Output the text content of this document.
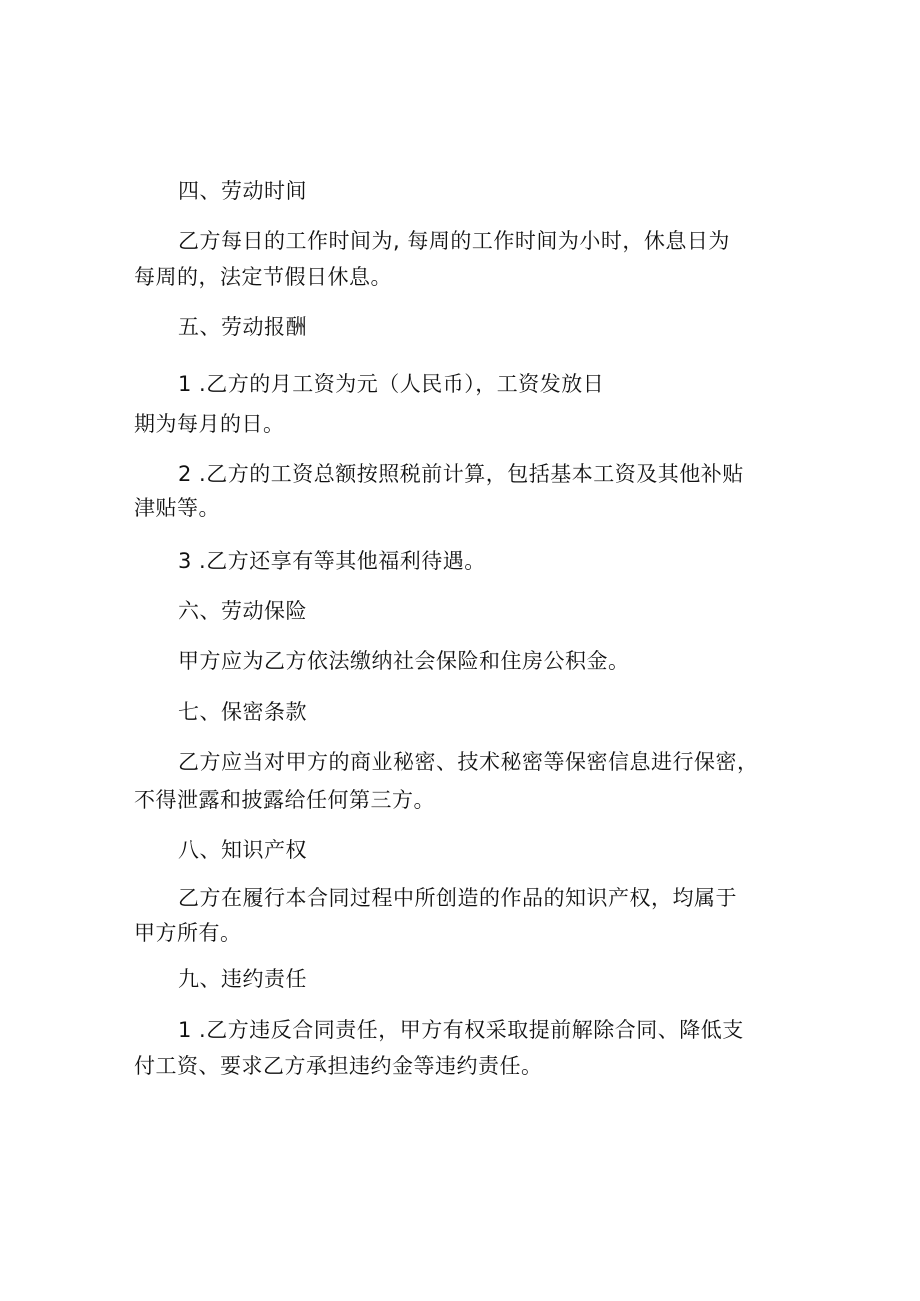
四、劳动时间

乙方每日的工作时间为, 每周的工作时间为小时，休息日为

每周的，法定节假日休息。

五、劳动报酬

1 .乙方的月工资为元（人民币），工资发放日

期为每月的日。

2 .乙方的工资总额按照税前计算，包括基本工资及其他补贴

津贴等。

3 .乙方还享有等其他福利待遇。

六、劳动保险

甲方应为乙方依法缴纳社会保险和住房公积金。

七、保密条款

乙方应当对甲方的商业秘密、技术秘密等保密信息进行保密，

不得泄露和披露给任何第三方。

八、知识产权

乙方在履行本合同过程中所创造的作品的知识产权，均属于

甲方所有。

九、违约责任

1 .乙方违反合同责任，甲方有权采取提前解除合同、降低支

付工资、要求乙方承担违约金等违约责任。
